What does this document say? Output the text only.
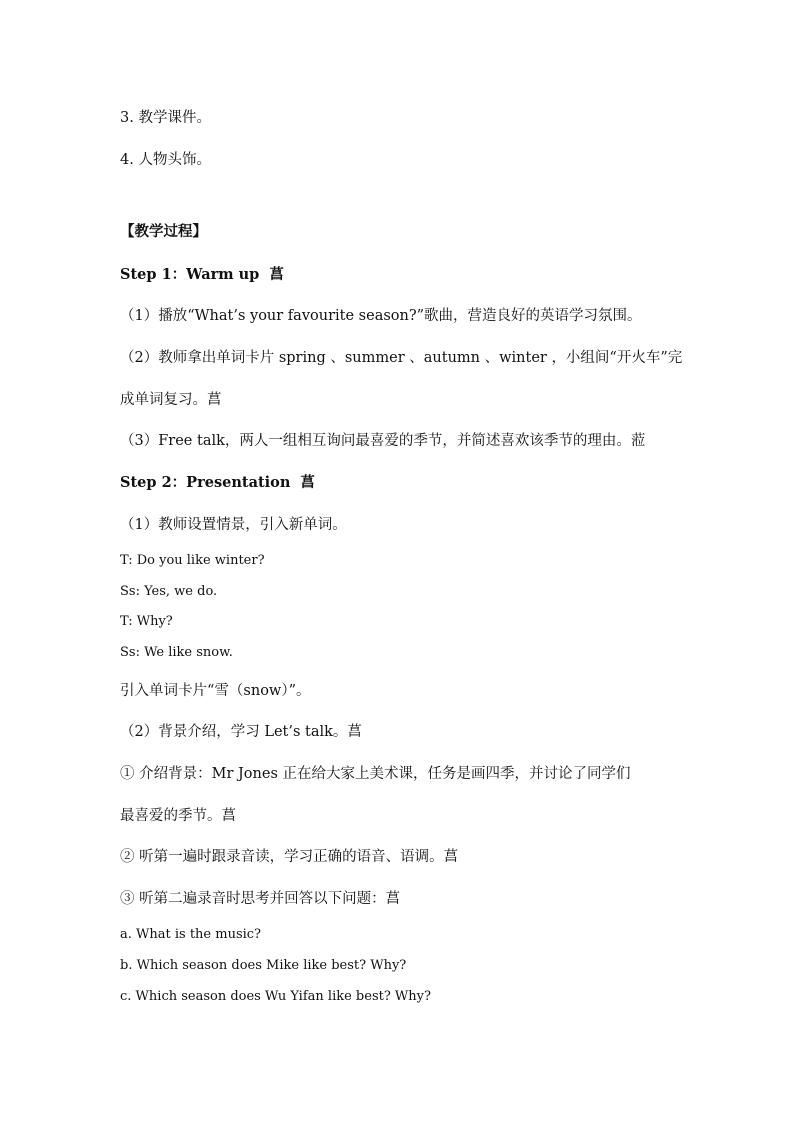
3. 教学课件。
4. 人物头饰。
【教学过程】
Step 1：Warm up 菖
（1）播放“What’s your favourite season?”歌曲，营造良好的英语学习氛围。
（2）教师拿出单词卡片 spring 、summer 、autumn 、winter ，小组间“开火车”完
成单词复习。菖
（3）Free talk，两人一组相互询问最喜爱的季节，并简述喜欢该季节的理由。蒞
Step 2：Presentation 菖
（1）教师设置情景，引入新单词。
T: Do you like winter?
Ss: Yes, we do.
T: Why?
Ss: We like snow.
引入单词卡片“雪（snow）”。
（2）背景介绍，学习 Let’s talk。菖
① 介绍背景：Mr Jones 正在给大家上美术课，任务是画四季，并讨论了同学们
最喜爱的季节。菖
② 听第一遍时跟录音读，学习正确的语音、语调。菖
③ 听第二遍录音时思考并回答以下问题：菖
a. What is the music?
b. Which season does Mike like best? Why?
c. Which season does Wu Yifan like best? Why?
